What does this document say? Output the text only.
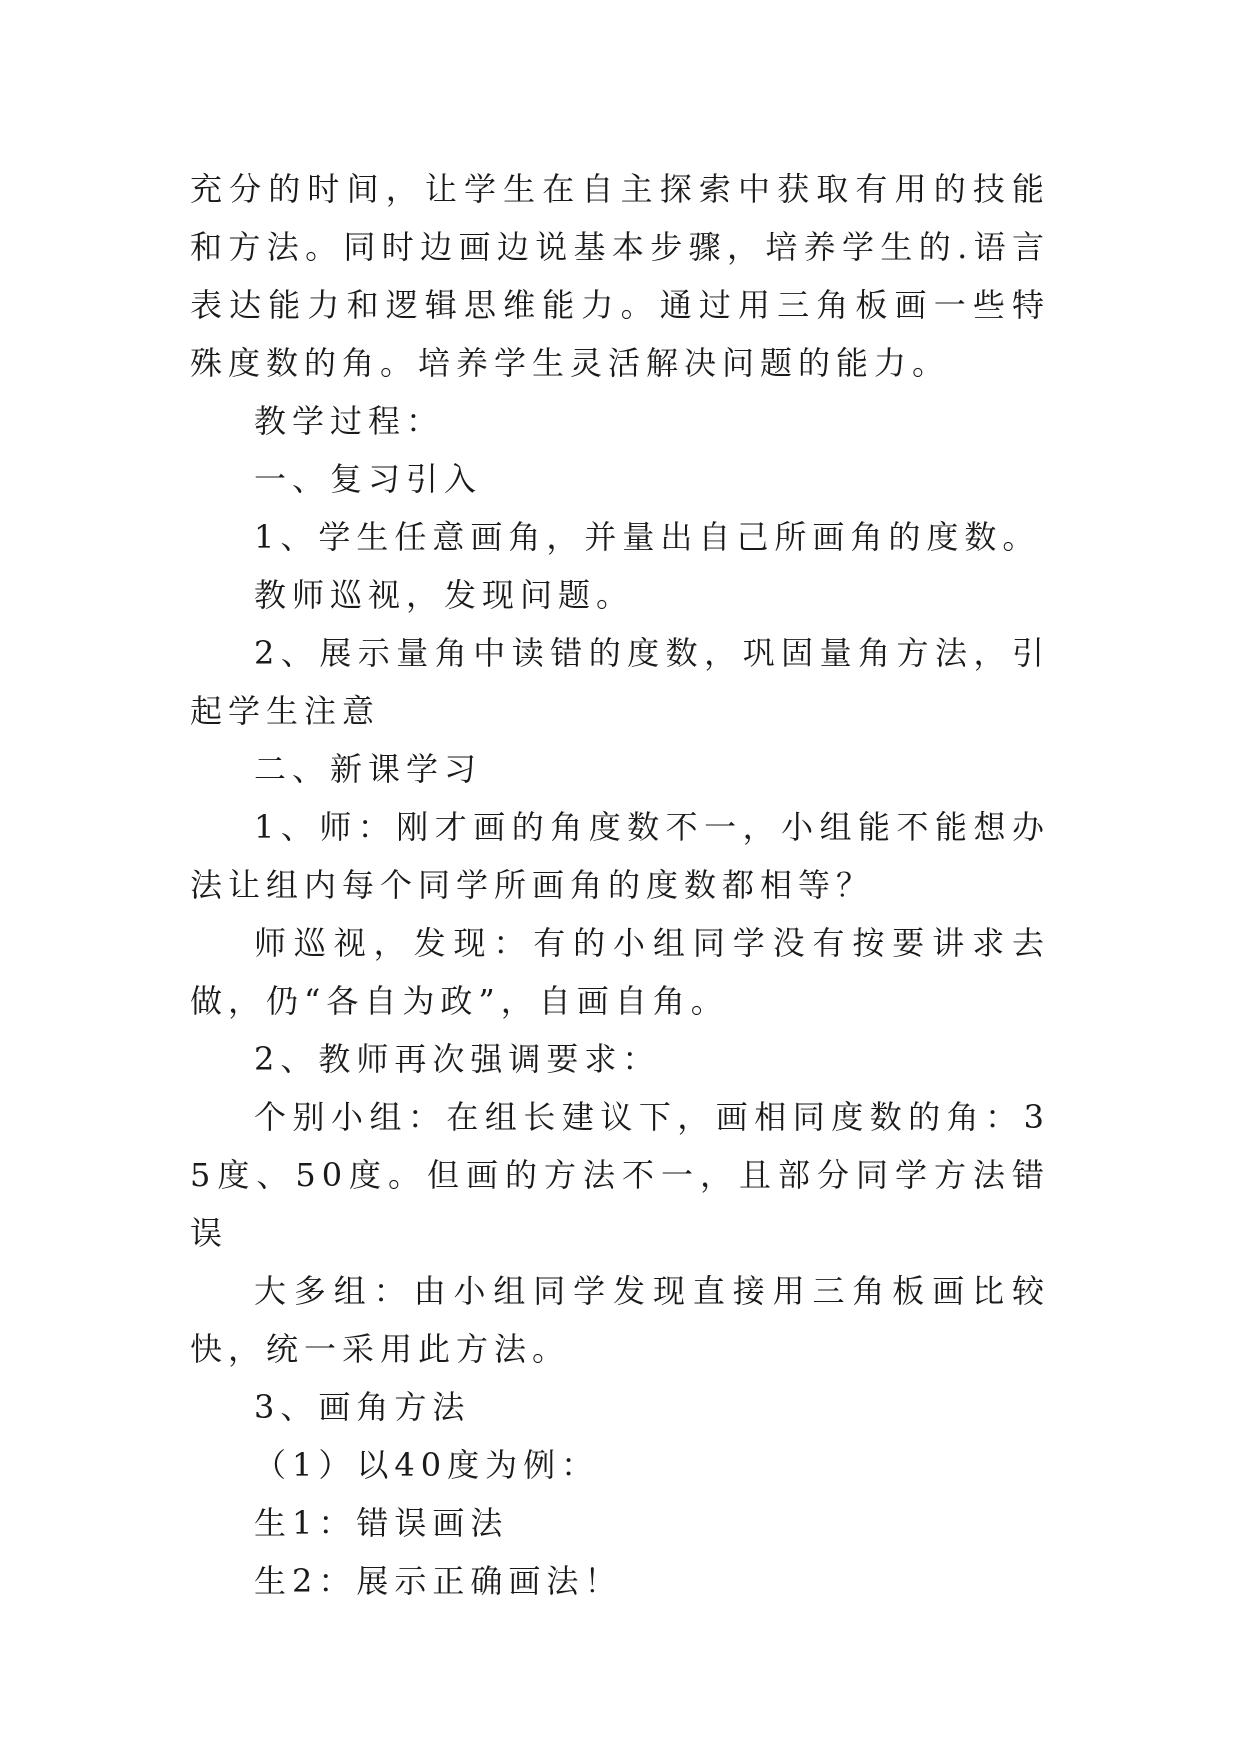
充分的时间，让学生在自主探索中获取有用的技能和方法。同时边画边说基本步骤，培养学生的.语言表达能力和逻辑思维能力。通过用三角板画一些特殊度数的角。培养学生灵活解决问题的能力。

教学过程：

一、复习引入

1、学生任意画角，并量出自己所画角的度数。

教师巡视，发现问题。

2、展示量角中读错的度数，巩固量角方法，引起学生注意

二、新课学习

1、师：刚才画的角度数不一，小组能不能想办法让组内每个同学所画角的度数都相等？

师巡视，发现：有的小组同学没有按要讲求去做，仍“各自为政”，自画自角。

2、教师再次强调要求：

个别小组：在组长建议下，画相同度数的角：35度、50度。但画的方法不一，且部分同学方法错误

大多组：由小组同学发现直接用三角板画比较快，统一采用此方法。

3、画角方法

（1）以40度为例：

生1：错误画法

生2：展示正确画法！
